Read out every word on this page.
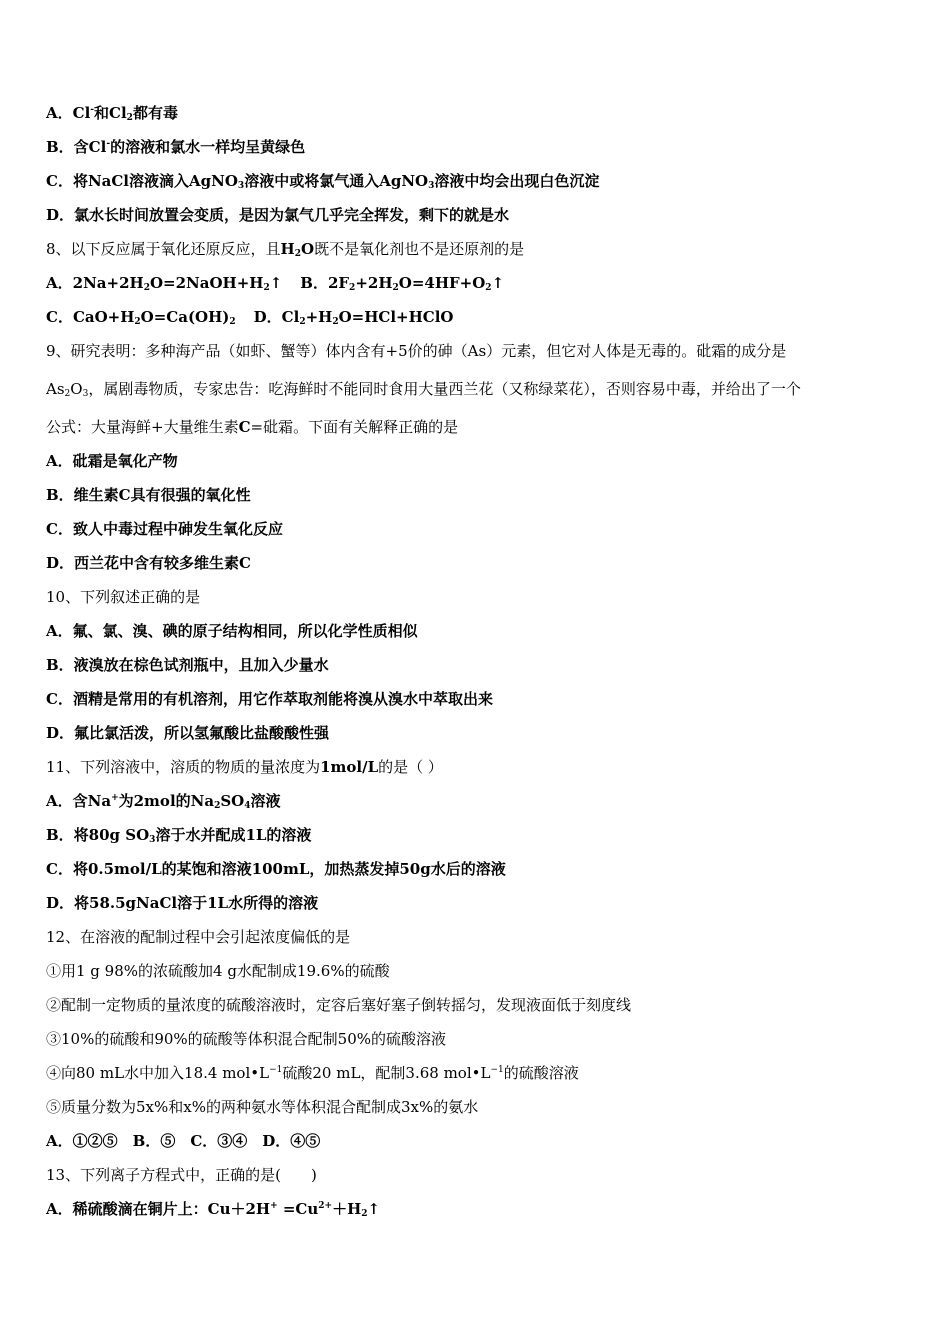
A．Cl-和$Cl_2$都有毒
B．含Cl-的溶液和氯水一样均呈黄绿色
C．将NaCl溶液滴入AgNO$_3$溶液中或将氯气通入AgNO$_3$溶液中均会出现白色沉淀
D．氯水长时间放置会变质，是因为氯气几乎完全挥发，剩下的就是水
8、以下反应属于氧化还原反应，且$H_2O$既不是氧化剂也不是还原剂的是
A．$2Na+2H_2O=2NaOH+H_2↑$ B．$2F_2+2H_2O=4HF+O_2↑$
C．$CaO+H_2O=Ca(OH)_2$ D．$Cl_2+H_2O=HCl+HClO$
9、研究表明：多种海产品（如虾、蟹等）体内含有+5价的砷（As）元素，但它对人体是无毒的。砒霜的成分是
$As_2O_3$，属剧毒物质，专家忠告：吃海鲜时不能同时食用大量西兰花（又称绿菜花），否则容易中毒，并给出了一个
公式：大量海鲜+大量维生素C=砒霜。下面有关解释正确的是
A．砒霜是氧化产物
B．维生素C具有很强的氧化性
C．致人中毒过程中砷发生氧化反应
D．西兰花中含有较多维生素C
10、下列叙述正确的是
A．氟、氯、溴、碘的原子结构相同，所以化学性质相似
B．液溴放在棕色试剂瓶中，且加入少量水
C．酒精是常用的有机溶剂，用它作萃取剂能将溴从溴水中萃取出来
D．氟比氯活泼，所以氢氟酸比盐酸酸性强
11、下列溶液中，溶质的物质的量浓度为1mol/L的是（ ）
A．含Na+为2mol的$Na_2SO_4$溶液
B．将80g $SO_3$溶于水并配成1L的溶液
C．将0.5mol/L的某饱和溶液100mL，加热蒸发掉50g水后的溶液
D．将58.5gNaCl溶于1L水所得的溶液
12、在溶液的配制过程中会引起浓度偏低的是
①用1 g 98%的浓硫酸加4 g水配制成19.6%的硫酸
②配制一定物质的量浓度的硫酸溶液时，定容后塞好塞子倒转摇匀，发现液面低于刻度线
③10%的硫酸和90%的硫酸等体积混合配制50%的硫酸溶液
④向80 mL水中加入18.4 $mol•L^{-1}$硫酸20 mL，配制3.68 $mol•L^{-1}$的硫酸溶液
⑤质量分数为5x%和x%的两种氨水等体积混合配制成3x%的氨水
A．①②⑤　B．⑤　C．③④　D．④⑤
13、下列离子方程式中，正确的是(　　)
A．稀硫酸滴在铜片上：$Cu+2H^+ =Cu^{2+}+H_2↑$
